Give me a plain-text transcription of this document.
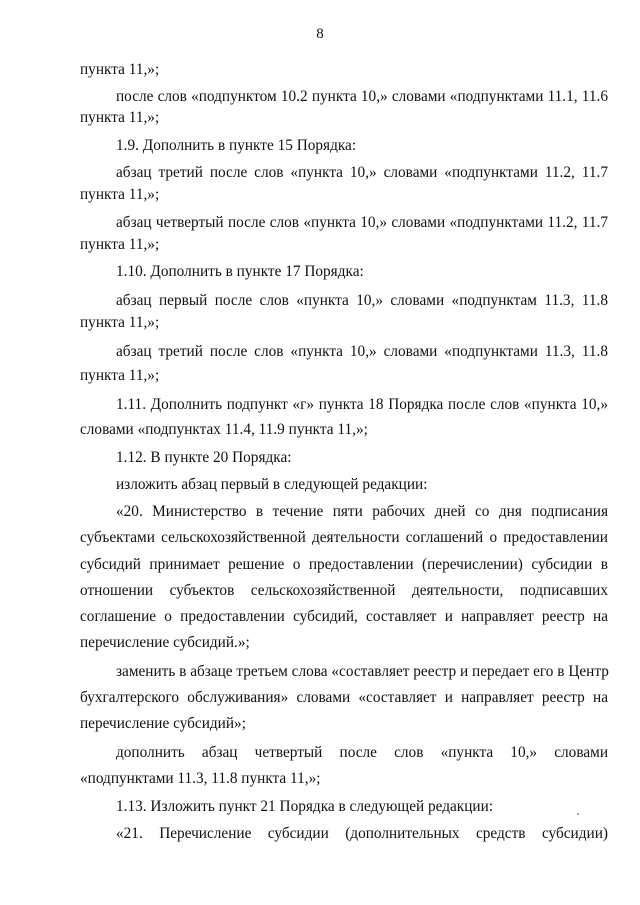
8
пункта 11,»;
после слов «подпунктом 10.2 пункта 10,» словами «подпунктами 11.1, 11.6
пункта 11,»;
1.9. Дополнить в пункте 15 Порядка:
абзац третий после слов «пункта 10,» словами «подпунктами 11.2, 11.7
пункта 11,»;
абзац четвертый после слов «пункта 10,» словами «подпунктами 11.2, 11.7
пункта 11,»;
1.10. Дополнить в пункте 17 Порядка:
абзац первый после слов «пункта 10,» словами «подпунктам 11.3, 11.8
пункта 11,»;
абзац третий после слов «пункта 10,» словами «подпунктами 11.3, 11.8
пункта 11,»;
1.11. Дополнить подпункт «г» пункта 18 Порядка после слов «пункта 10,»
словами «подпунктах 11.4, 11.9 пункта 11,»;
1.12. В пункте 20 Порядка:
изложить абзац первый в следующей редакции:
«20. Министерство в течение пяти рабочих дней со дня подписания
субъектами сельскохозяйственной деятельности соглашений о предоставлении
субсидий принимает решение о предоставлении (перечислении) субсидии в
отношении субъектов сельскохозяйственной деятельности, подписавших
соглашение о предоставлении субсидий, составляет и направляет реестр на
перечисление субсидий.»;
заменить в абзаце третьем слова «составляет реестр и передает его в Центр
бухгалтерского обслуживания» словами «составляет и направляет реестр на
перечисление субсидий»;
дополнить абзац четвертый после слов «пункта 10,» словами
«подпунктами 11.3, 11.8 пункта 11,»;
1.13. Изложить пункт 21 Порядка в следующей редакции:
«21. Перечисление субсидии (дополнительных средств субсидии)
